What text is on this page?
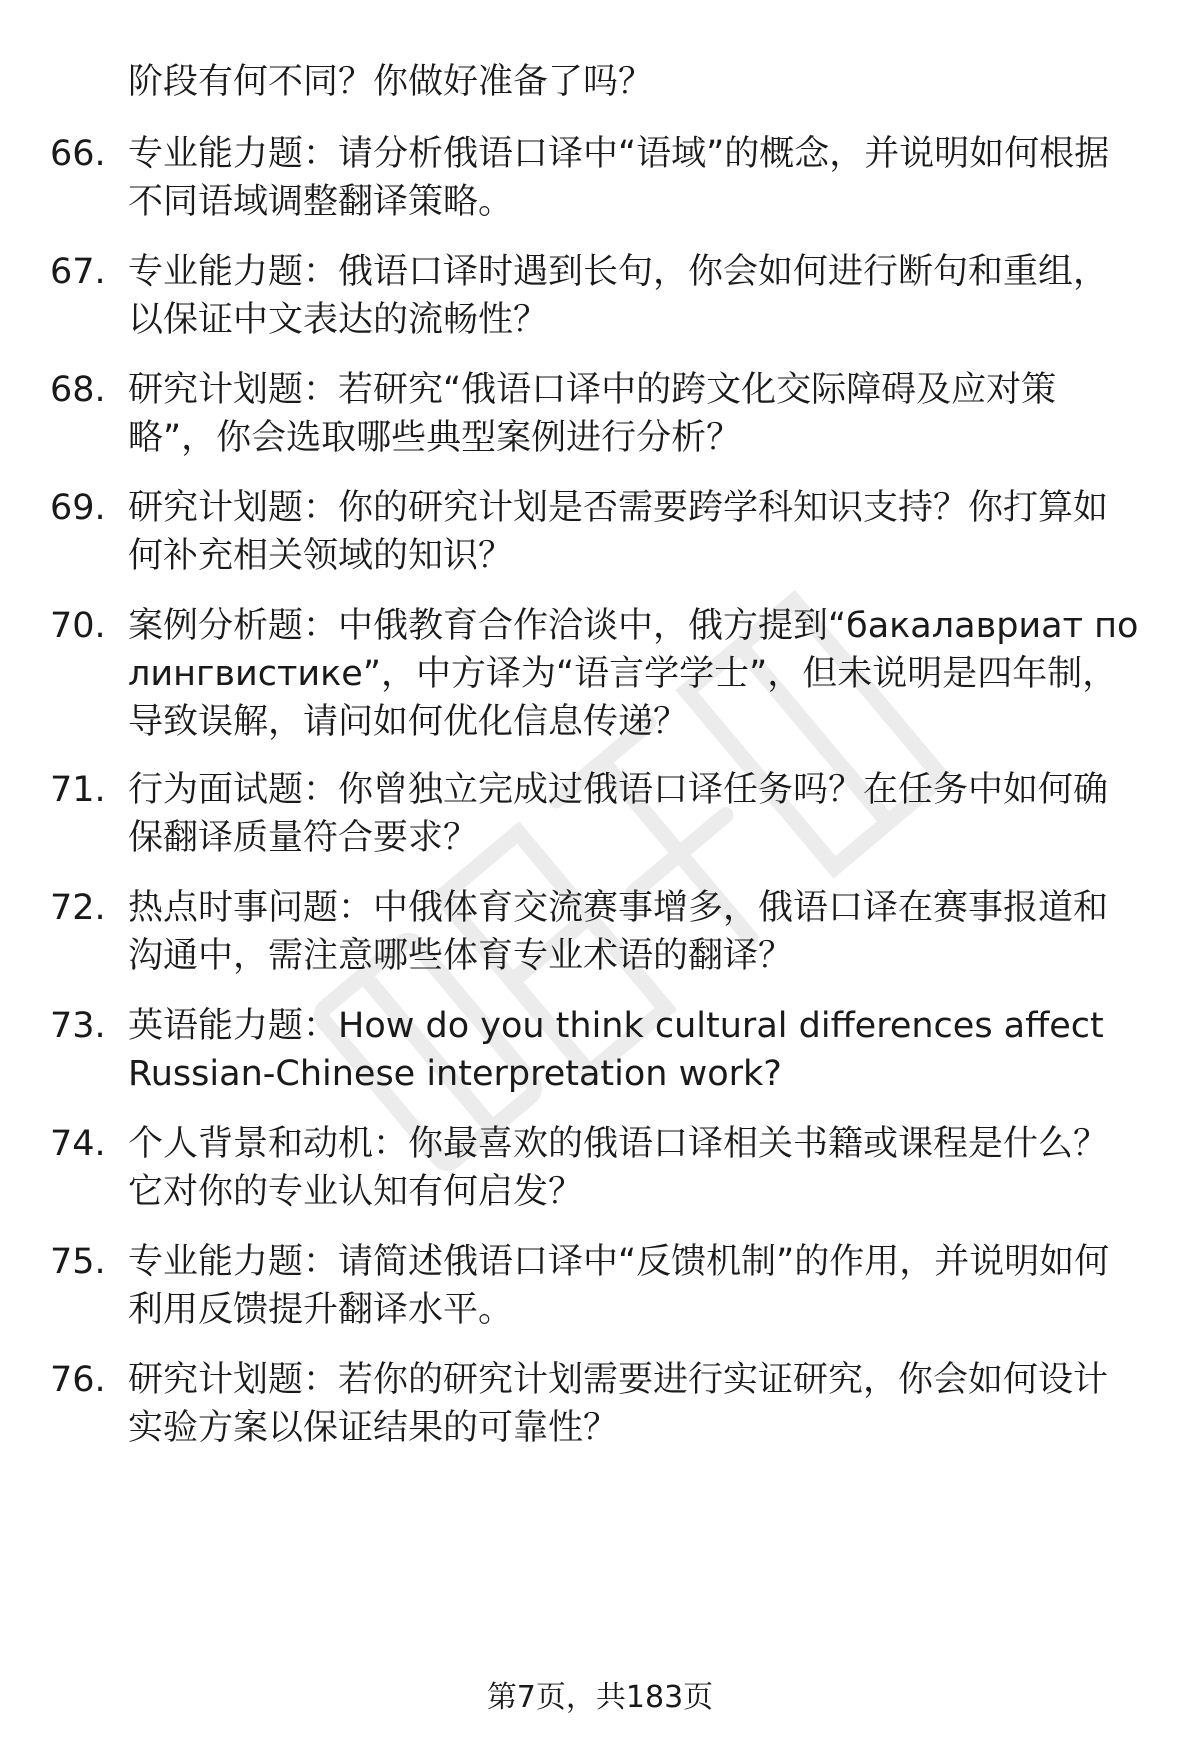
阶段有何不同？你做好准备了吗？
66. 专业能力题：请分析俄语口译中“语域”的概念，并说明如何根据不同语域调整翻译策略。
67. 专业能力题：俄语口译时遇到长句，你会如何进行断句和重组，以保证中文表达的流畅性？
68. 研究计划题：若研究“俄语口译中的跨文化交际障碍及应对策略”，你会选取哪些典型案例进行分析？
69. 研究计划题：你的研究计划是否需要跨学科知识支持？你打算如何补充相关领域的知识？
70. 案例分析题：中俄教育合作洽谈中，俄方提到“бакалавриат по лингвистике”，中方译为“语言学学士”，但未说明是四年制，导致误解，请问如何优化信息传递？
71. 行为面试题：你曾独立完成过俄语口译任务吗？在任务中如何确保翻译质量符合要求？
72. 热点时事问题：中俄体育交流赛事增多，俄语口译在赛事报道和沟通中，需注意哪些体育专业术语的翻译？
73. 英语能力题：How do you think cultural differences affect Russian-Chinese interpretation work?
74. 个人背景和动机：你最喜欢的俄语口译相关书籍或课程是什么？它对你的专业认知有何启发？
75. 专业能力题：请简述俄语口译中“反馈机制”的作用，并说明如何利用反馈提升翻译水平。
76. 研究计划题：若你的研究计划需要进行实证研究，你会如何设计实验方案以保证结果的可靠性？
第7页，共183页
